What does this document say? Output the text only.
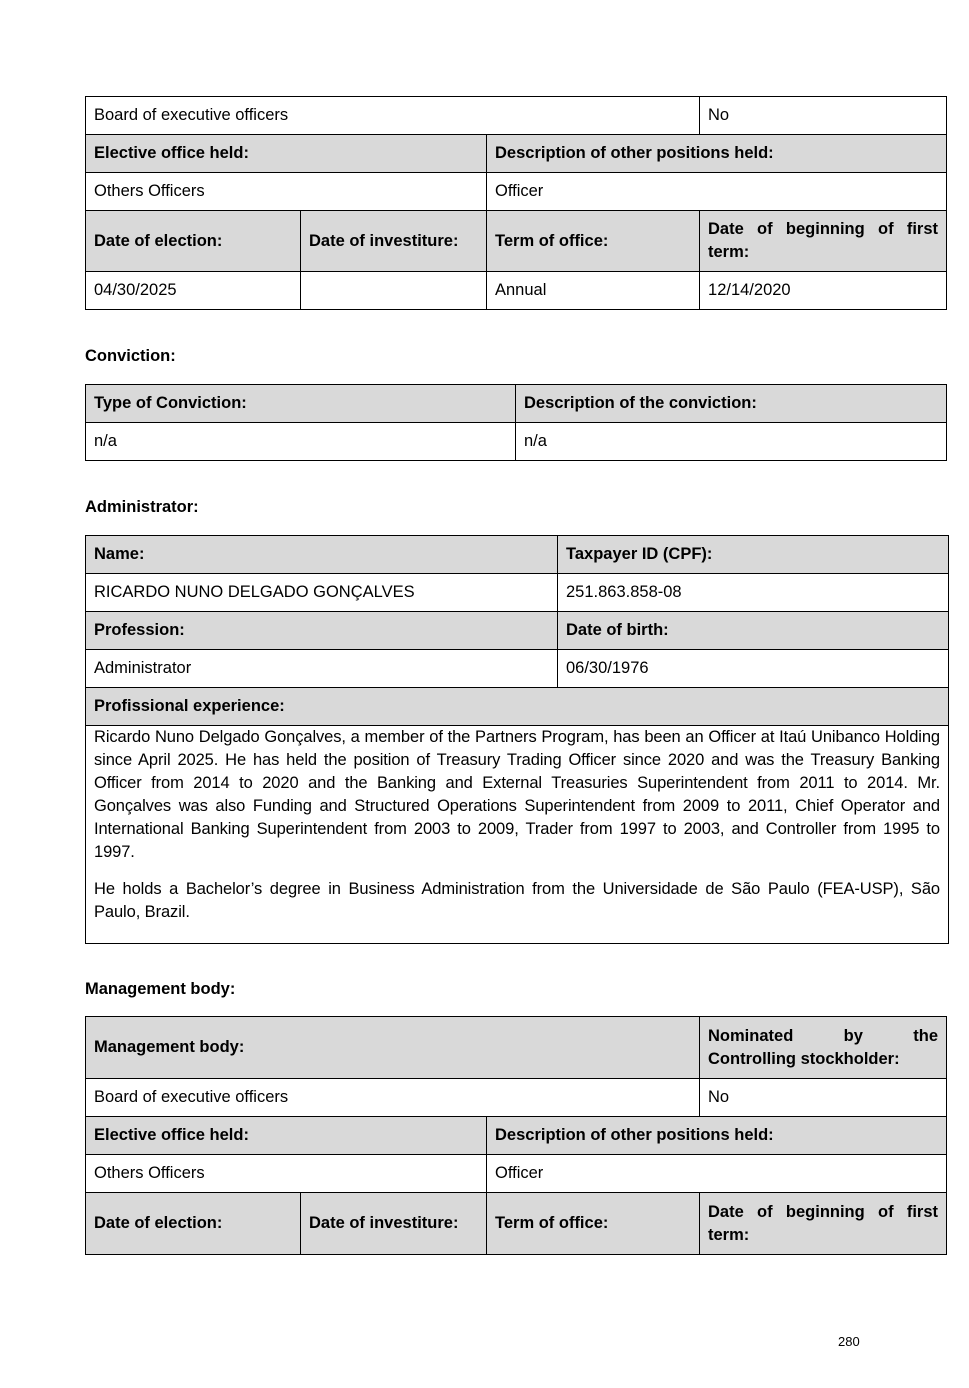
Board of executive officers			No
Elective office held:		Description of other positions held:	
Others Officers		Officer	
Date of election:	Date of investiture:	Term of office:	Date of beginning of first term:
04/30/2025		Annual	12/14/2020
Conviction:
Type of Conviction:	Description of the conviction:
n/a	n/a
Administrator:
Name:	Taxpayer ID (CPF):
RICARDO NUNO DELGADO GONÇALVES	251.863.858-08
Profession:	Date of birth:
Administrator	06/30/1976
Profissional experience:	

Ricardo Nuno Delgado Gonçalves, a member of the Partners Program, has been an Officer at Itaú Unibanco Holding since April 2025. He has held the position of Treasury Trading Officer since 2020 and was the Treasury Banking Officer from 2014 to 2020 and the Banking and External Treasuries Superintendent from 2011 to 2014. Mr. Gonçalves was also Funding and Structured Operations Superintendent from 2009 to 2011, Chief Operator and International Banking Superintendent from 2003 to 2009, Trader from 1997 to 2003, and Controller from 1995 to 1997.

He holds a Bachelor’s degree in Business Administration from the Universidade de São Paulo (FEA-USP), São Paulo, Brazil.	

Management body:
Management body:			Nominated by the Controlling stockholder:
Board of executive officers			No
Elective office held:		Description of other positions held:	
Others Officers		Officer	
Date of election:	Date of investiture:	Term of office:	Date of beginning of first term:
280
